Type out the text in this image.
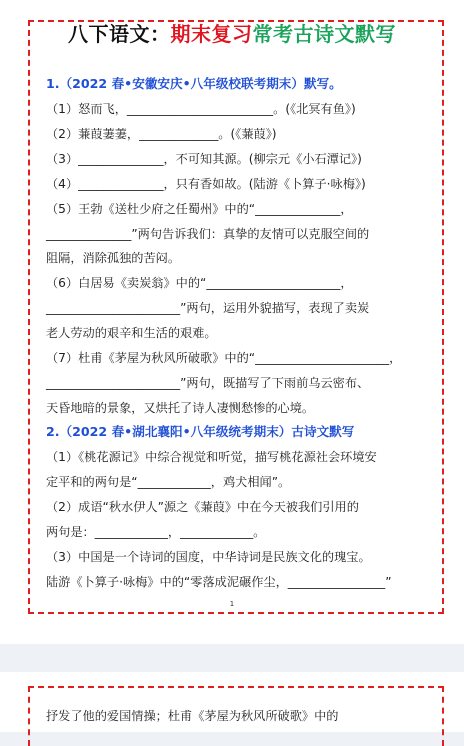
八下语文：期末复习常考古诗文默写
1.（2022 春•安徽安庆•八年级校联考期末）默写。
（1）怒而飞，________________________。(《北冥有鱼》)
（2）蒹葭萋萋，_____________。(《蒹葭》)
（3）______________，不可知其源。(柳宗元《小石潭记》)
（4）______________，只有香如故。(陆游《卜算子·咏梅》)
（5）王勃《送杜少府之任蜀州》中的“______________，
______________”两句告诉我们：真挚的友情可以克服空间的
阻隔，消除孤独的苦闷。
（6）白居易《卖炭翁》中的“______________________，
______________________”两句，运用外貌描写，表现了卖炭
老人劳动的艰辛和生活的艰难。
（7）杜甫《茅屋为秋风所破歌》中的“______________________，
______________________”两句，既描写了下雨前乌云密布、
天昏地暗的景象，又烘托了诗人凄恻愁惨的心境。
2.（2022 春•湖北襄阳•八年级统考期末）古诗文默写
（1）《桃花源记》中综合视觉和听觉，描写桃花源社会环境安
定平和的两句是“____________，鸡犬相闻”。
（2）成语“秋水伊人”源之《蒹葭》中在今天被我们引用的
两句是：____________，____________。
（3）中国是一个诗词的国度，中华诗词是民族文化的瑰宝。
陆游《卜算子·咏梅》中的“零落成泥碾作尘，________________”
1
抒发了他的爱国情操；杜甫《茅屋为秋风所破歌》中的
